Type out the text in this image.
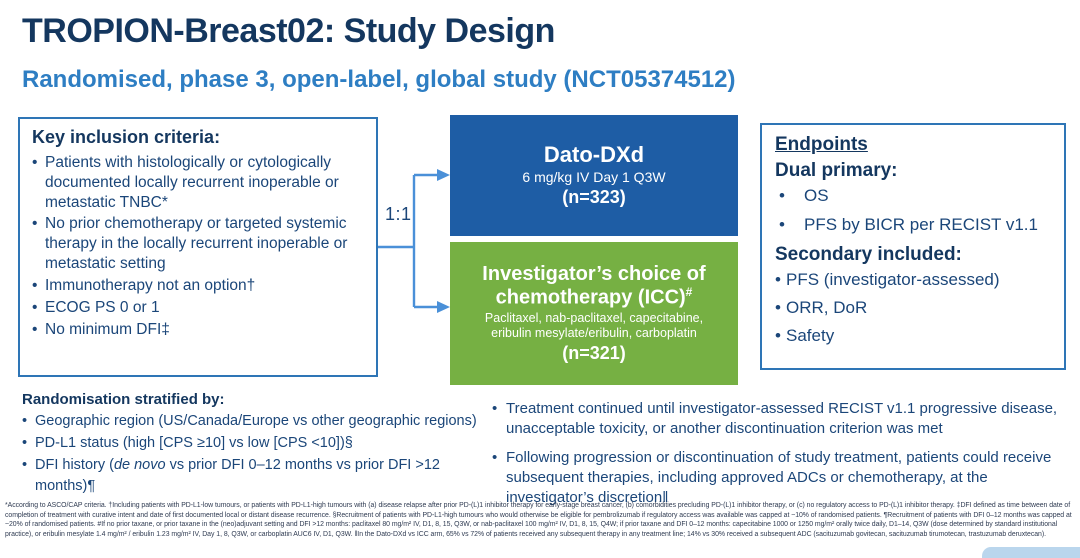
TROPION-Breast02: Study Design
Randomised, phase 3, open-label, global study (NCT05374512)
Key inclusion criteria:
• Patients with histologically or cytologically documented locally recurrent inoperable or metastatic TNBC*
• No prior chemotherapy or targeted systemic therapy in the locally recurrent inoperable or metastatic setting
• Immunotherapy not an option†
• ECOG PS 0 or 1
• No minimum DFI‡
1:1
Dato-DXd
6 mg/kg IV Day 1 Q3W
(n=323)
Investigator’s choice of chemotherapy (ICC)#
Paclitaxel, nab-paclitaxel, capecitabine, eribulin mesylate/eribulin, carboplatin
(n=321)
Endpoints
Dual primary:
• OS
• PFS by BICR per RECIST v1.1
Secondary included:
• PFS (investigator-assessed)
• ORR, DoR
• Safety
Randomisation stratified by:
• Geographic region (US/Canada/Europe vs other geographic regions)
• PD-L1 status (high [CPS ≥10] vs low [CPS <10])§
• DFI history (de novo vs prior DFI 0–12 months vs prior DFI >12 months)¶
• Treatment continued until investigator-assessed RECIST v1.1 progressive disease, unacceptable toxicity, or another discontinuation criterion was met
• Following progression or discontinuation of study treatment, patients could receive subsequent therapies, including approved ADCs or chemotherapy, at the investigator’s discretion‖
*According to ASCO/CAP criteria. †Including patients with PD-L1-low tumours, or patients with PD-L1-high tumours with (a) disease relapse after prior PD-(L)1 inhibitor therapy for early-stage breast cancer, (b) comorbidities precluding PD-(L)1 inhibitor therapy, or (c) no regulatory access to PD-(L)1 inhibitor therapy. ‡DFI defined as time between date of completion of treatment with curative intent and date of first documented local or distant disease recurrence. §Recruitment of patients with PD-L1-high tumours who would otherwise be eligible for pembrolizumab if regulatory access was available was capped at ~10% of randomised patients. ¶Recruitment of patients with DFI 0–12 months was capped at ~20% of randomised patients. #If no prior taxane, or prior taxane in the (neo)adjuvant setting and DFI >12 months: paclitaxel 80 mg/m² IV, D1, 8, 15, Q3W, or nab-paclitaxel 100 mg/m² IV, D1, 8, 15, Q4W; if prior taxane and DFI 0–12 months: capecitabine 1000 or 1250 mg/m² orally twice daily, D1–14, Q3W (dose determined by standard institutional practice), or eribulin mesylate 1.4 mg/m² / eribulin 1.23 mg/m² IV, Day 1, 8, Q3W, or carboplatin AUC6 IV, D1, Q3W. ‖In the Dato-DXd vs ICC arm, 65% vs 72% of patients received any subsequent therapy in any treatment line; 14% vs 30% received a subsequent ADC (sacituzumab govitecan, sacituzumab tirumotecan, trastuzumab deruxtecan).
